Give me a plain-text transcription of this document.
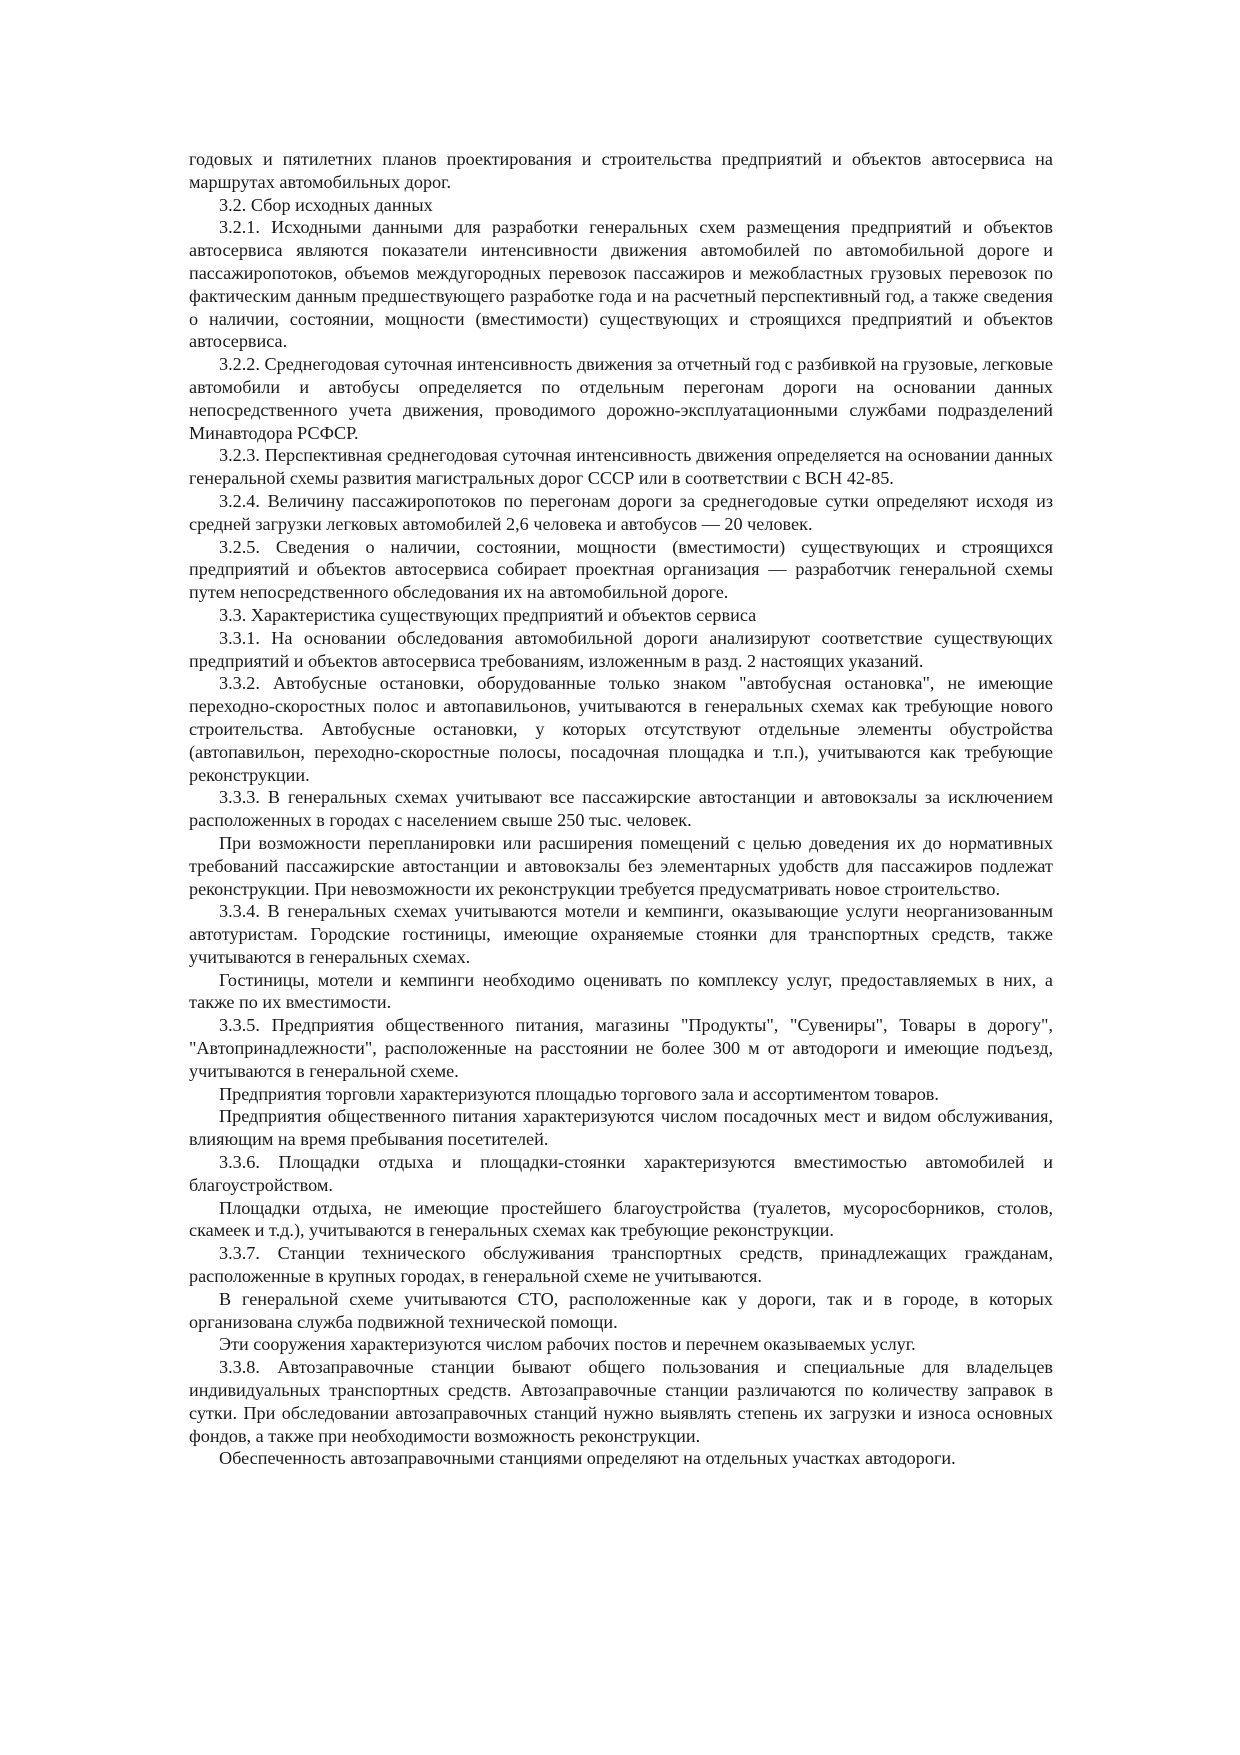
годовых и пятилетних планов проектирования и строительства предприятий и объектов автосервиса на маршрутах автомобильных дорог.

3.2. Сбор исходных данных

3.2.1. Исходными данными для разработки генеральных схем размещения предприятий и объектов автосервиса являются показатели интенсивности движения автомобилей по автомобильной дороге и пассажиропотоков, объемов междугородных перевозок пассажиров и межобластных грузовых перевозок по фактическим данным предшествующего разработке года и на расчетный перспективный год, а также сведения о наличии, состоянии, мощности (вместимости) существующих и строящихся предприятий и объектов автосервиса.

3.2.2. Среднегодовая суточная интенсивность движения за отчетный год с разбивкой на грузовые, легковые автомобили и автобусы определяется по отдельным перегонам дороги на основании данных непосредственного учета движения, проводимого дорожно-эксплуатационными службами подразделений Минавтодора РСФСР.

3.2.3. Перспективная среднегодовая суточная интенсивность движения определяется на основании данных генеральной схемы развития магистральных дорог СССР или в соответствии с ВСН 42-85.

3.2.4. Величину пассажиропотоков по перегонам дороги за среднегодовые сутки определяют исходя из средней загрузки легковых автомобилей 2,6 человека и автобусов — 20 человек.

3.2.5. Сведения о наличии, состоянии, мощности (вместимости) существующих и строящихся предприятий и объектов автосервиса собирает проектная организация — разработчик генеральной схемы путем непосредственного обследования их на автомобильной дороге.

3.3. Характеристика существующих предприятий и объектов сервиса

3.3.1. На основании обследования автомобильной дороги анализируют соответствие существующих предприятий и объектов автосервиса требованиям, изложенным в разд. 2 настоящих указаний.

3.3.2. Автобусные остановки, оборудованные только знаком "автобусная остановка", не имеющие переходно-скоростных полос и автопавильонов, учитываются в генеральных схемах как требующие нового строительства. Автобусные остановки, у которых отсутствуют отдельные элементы обустройства (автопавильон, переходно-скоростные полосы, посадочная площадка и т.п.), учитываются как требующие реконструкции.

3.3.3. В генеральных схемах учитывают все пассажирские автостанции и автовокзалы за исключением расположенных в городах с населением свыше 250 тыс. человек.

При возможности перепланировки или расширения помещений с целью доведения их до нормативных требований пассажирские автостанции и автовокзалы без элементарных удобств для пассажиров подлежат реконструкции. При невозможности их реконструкции требуется предусматривать новое строительство.

3.3.4. В генеральных схемах учитываются мотели и кемпинги, оказывающие услуги неорганизованным автотуристам. Городские гостиницы, имеющие охраняемые стоянки для транспортных средств, также учитываются в генеральных схемах.

Гостиницы, мотели и кемпинги необходимо оценивать по комплексу услуг, предоставляемых в них, а также по их вместимости.

3.3.5. Предприятия общественного питания, магазины "Продукты", "Сувениры", Товары в дорогу", "Автопринадлежности", расположенные на расстоянии не более 300 м от автодороги и имеющие подъезд, учитываются в генеральной схеме.

Предприятия торговли характеризуются площадью торгового зала и ассортиментом товаров.

Предприятия общественного питания характеризуются числом посадочных мест и видом обслуживания, влияющим на время пребывания посетителей.

3.3.6. Площадки отдыха и площадки-стоянки характеризуются вместимостью автомобилей и благоустройством.

Площадки отдыха, не имеющие простейшего благоустройства (туалетов, мусоросборников, столов, скамеек и т.д.), учитываются в генеральных схемах как требующие реконструкции.

3.3.7. Станции технического обслуживания транспортных средств, принадлежащих гражданам, расположенные в крупных городах, в генеральной схеме не учитываются.

В генеральной схеме учитываются СТО, расположенные как у дороги, так и в городе, в которых организована служба подвижной технической помощи.

Эти сооружения характеризуются числом рабочих постов и перечнем оказываемых услуг.

3.3.8. Автозаправочные станции бывают общего пользования и специальные для владельцев индивидуальных транспортных средств. Автозаправочные станции различаются по количеству заправок в сутки. При обследовании автозаправочных станций нужно выявлять степень их загрузки и износа основных фондов, а также при необходимости возможность реконструкции.

Обеспеченность автозаправочными станциями определяют на отдельных участках автодороги.
